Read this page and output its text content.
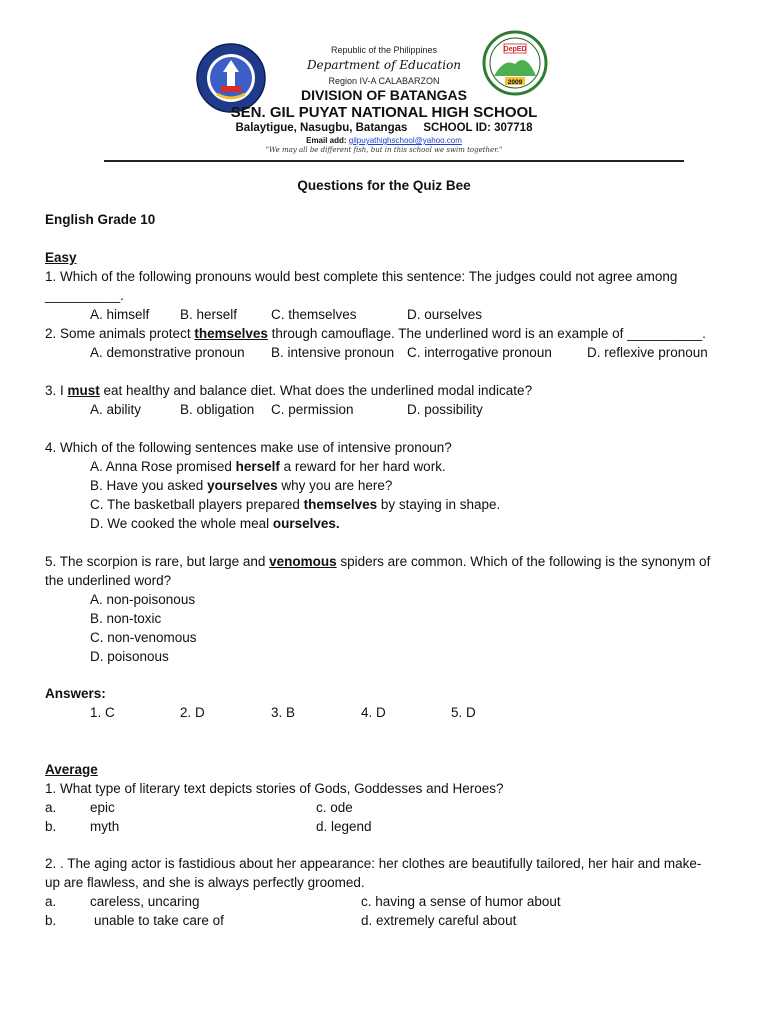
Republic of the Philippines
Department of Education
Region IV-A CALABARZON
DIVISION OF BATANGAS
SEN. GIL PUYAT NATIONAL HIGH SCHOOL
Balaytigue, Nasugbu, Batangas SCHOOL ID: 307718
Email add: gilpuyathighschool@yahoo.com
"We may all be different fish, but in this school we swim together."
DepED
2009
Questions for the Quiz Bee
English Grade 10
Easy
1. Which of the following pronouns would best complete this sentence: The judges could not agree among
__________.
A. himself B. herself	C. themselves	D. ourselves
2. Some animals protect themselves through camouflage. The underlined word is an example of __________.
A. demonstrative pronoun B. intensive pronoun C. interrogative pronoun	D. reflexive pronoun
3. I must eat healthy and balance diet. What does the underlined modal indicate?
A. ability	B. obligation C. permission	D. possibility
4. Which of the following sentences make use of intensive pronoun?
A. Anna Rose promised herself a reward for her hard work.
B. Have you asked yourselves why you are here?
C. The basketball players prepared themselves by staying in shape.
D. We cooked the whole meal ourselves.
5. The scorpion is rare, but large and venomous spiders are common. Which of the following is the synonym of
the underlined word?
A. non-poisonous
B. non-toxic
C. non-venomous
D. poisonous
Answers:
1. C	2. D	3. B	4. D	5. D
Average
1. What type of literary text depicts stories of Gods, Goddesses and Heroes?
a. epic	c. ode
b. myth	d. legend
2. . The aging actor is fastidious about her appearance: her clothes are beautifully tailored, her hair and make-
up are flawless, and she is always perfectly groomed.
a. careless, uncaring	c. having a sense of humor about
b.	unable to take care of	d. extremely careful about
